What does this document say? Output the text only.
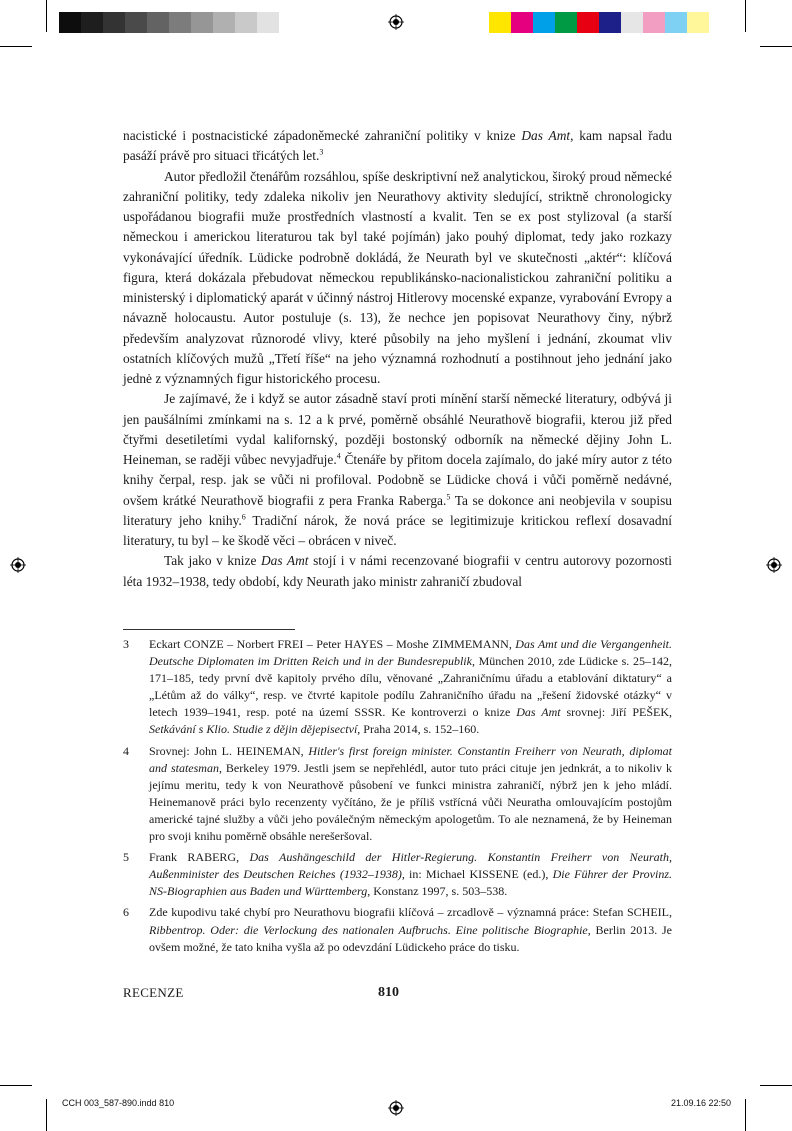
nacistické i postnacistické západoněmecké zahraniční politiky v knize Das Amt, kam napsal řadu pasáží právě pro situaci třicátých let.$^3$

Autor předložil čtenářům rozsáhlou, spíše deskriptivní než analytickou, široký proud německé zahraniční politiky, tedy zdaleka nikoliv jen Neurathovy aktivity sledující, striktně chronologicky uspořádanou biografii muže prostředních vlastností a kvalit. Ten se ex post stylizoval (a starší německou i americkou literaturou tak byl také pojímán) jako pouhý diplomat, tedy jako rozkazy vykonávající úředník. Lüdicke podrobně dokládá, že Neurath byl ve skutečnosti „aktér“: klíčová figura, která dokázala přebudovat německou republikánsko-nacionalistickou zahraniční politiku a ministerský i diplomatický aparát v účinný nástroj Hitlerovy mocenské expanze, vyrabování Evropy a návazně holocaustu. Autor postuluje (s. 13), že nechce jen popisovat Neurathovy činy, nýbrž především analyzovat různorodé vlivy, které působily na jeho myšlení i jednání, zkoumat vliv ostatních klíčových mužů „Třetí říše“ na jeho významná rozhodnutí a postihnout jeho jednání jako jednė z významných figur historického procesu.

Je zajímavé, že i když se autor zásadně staví proti mínění starší německé literatury, odbývá ji jen paušálními zmínkami na s. 12 a k prvé, poměrně obsáhlé Neurathově biografii, kterou již před čtyřmi desetiletími vydal kalifornský, později bostonský odborník na německé dějiny John L. Heineman, se raději vůbec nevyjadřuje.$^4$ Čtenáře by přitom docela zajímalo, do jaké míry autor z této knihy čerpal, resp. jak se vůči ni profiloval. Podobně se Lüdicke chová i vůči poměrně nedávné, ovšem krátké Neurathově biografii z pera Franka Raberga.$^5$ Ta se dokonce ani neobjevila v soupisu literatury jeho knihy.$^6$ Tradiční nárok, že nová práce se legitimizuje kritickou reflexí dosavadní literatury, tu byl – ke škodě věci – obrácen v niveč.

Tak jako v knize Das Amt stojí i v námi recenzované biografii v centru autorovy pozornosti léta 1932–1938, tedy období, kdy Neurath jako ministr zahraničí zbudoval

3 Eckart CONZE – Norbert FREI – Peter HAYES – Moshe ZIMMEMANN, Das Amt und die Vergangenheit. Deutsche Diplomaten im Dritten Reich und in der Bundesrepublik, München 2010, zde Lüdicke s. 25–142, 171–185, tedy první dvě kapitoly prvého dílu, věnované „Zahraničnímu úřadu a etablování diktatury“ a „Létům až do války“, resp. ve čtvrté kapitole podílu Zahraničního úřadu na „řešení židovské otázky“ v letech 1939–1941, resp. poté na území SSSR. Ke kontroverzi o knize Das Amt srovnej: Jiří PEŠEK, Setkávání s Klio. Studie z dějin dějepisectví, Praha 2014, s. 152–160.
4 Srovnej: John L. HEINEMAN, Hitler's first foreign minister. Constantin Freiherr von Neurath, diplomat and statesman, Berkeley 1979. Jestli jsem se nepřehlédl, autor tuto práci cituje jen jednkrát, a to nikoliv k jejímu meritu, tedy k von Neurathově působení ve funkci ministra zahraničí, nýbrž jen k jeho mládí. Heinemanově práci bylo recenzenty vyčítáno, že je příliš vstřícná vůči Neuratha omlouvajícím postojům americké tajné služby a vůči jeho poválečným německým apologetům. To ale neznamená, že by Heineman pro svoji knihu poměrně obsáhle nerešeršoval.
5 Frank RABERG, Das Aushängeschild der Hitler-Regierung. Konstantin Freiherr von Neurath, Außenminister des Deutschen Reiches (1932–1938), in: Michael KISSENE (ed.), Die Führer der Provinz. NS-Biographien aus Baden und Württemberg, Konstanz 1997, s. 503–538.
6 Zde kupodivu také chybí pro Neurathovu biografii klíčová – zrcadlově – významná práce: Stefan SCHEIL, Ribbentrop. Oder: die Verlockung des nationalen Aufbruchs. Eine politische Biographie, Berlin 2013. Je ovšem možné, že tato kniha vyšla až po odevzdání Lüdickeho práce do tisku.
RECENZE	810
CCH 003_587-890.indd 810	21.09.16 22:50
